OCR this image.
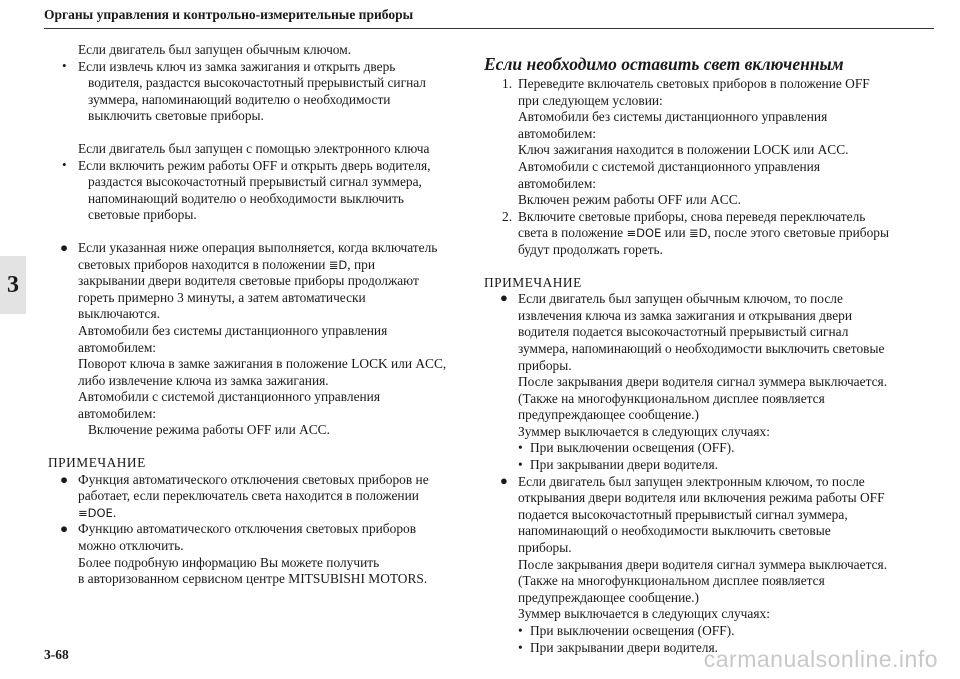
Органы управления и контрольно-измерительные приборы
3

Если двигатель был запущен обычным ключом.

• Если извлечь ключ из замка зажигания и открыть дверь

водителя, раздастся высокочастотный прерывистый сигнал

зуммера, напоминающий водителю о необходимости

выключить световые приборы.

Если двигатель был запущен с помощью электронного ключа

• Если включить режим работы OFF и открыть дверь водителя,

раздастся высокочастотный прерывистый сигнал зуммера,

напоминающий водителю о необходимости выключить

световые приборы.

● Если указанная ниже операция выполняется, когда включатель

световых приборов находится в положении ≣D, при

закрывании двери водителя световые приборы продолжают

гореть примерно 3 минуты, а затем автоматически

выключаются.

Автомобили без системы дистанционного управления

автомобилем:

Поворот ключа в замке зажигания в положение LOCK или ACC,

либо извлечение ключа из замка зажигания.

Автомобили с системой дистанционного управления

автомобилем:

Включение режима работы OFF или ACC.

ПРИМЕЧАНИЕ

● Функция автоматического отключения световых приборов не

работает, если переключатель света находится в положении ≡DOE.

● Функцию автоматического отключения световых приборов

можно отключить.

Более подробную информацию Вы можете получить

в авторизованном сервисном центре MITSUBISHI MOTORS.

Если необходимо оставить свет включенным

1. Переведите включатель световых приборов в положение OFF

при следующем условии:

Автомобили без системы дистанционного управления

автомобилем:

Ключ зажигания находится в положении LOCK или ACC.

Автомобили с системой дистанционного управления

автомобилем:

Включен режим работы OFF или ACC.

2. Включите световые приборы, снова переведя переключатель

света в положение ≡DOE или ≣D, после этого световые приборы

будут продолжать гореть.

ПРИМЕЧАНИЕ

● Если двигатель был запущен обычным ключом, то после

извлечения ключа из замка зажигания и открывания двери

водителя подается высокочастотный прерывистый сигнал

зуммера, напоминающий о необходимости выключить световые

приборы.

После закрывания двери водителя сигнал зуммера выключается.

(Также на многофункциональном дисплее появляется

предупреждающее сообщение.)

Зуммер выключается в следующих случаях:

• При выключении освещения (OFF).
• При закрывании двери водителя.
● Если двигатель был запущен электронным ключом, то после

открывания двери водителя или включения режима работы OFF

подается высокочастотный прерывистый сигнал зуммера,

напоминающий о необходимости выключить световые

приборы.

После закрывания двери водителя сигнал зуммера выключается.

(Также на многофункциональном дисплее появляется

предупреждающее сообщение.)

Зуммер выключается в следующих случаях:

• При выключении освещения (OFF).
• При закрывании двери водителя.
3-68	carmanualsonline.info
